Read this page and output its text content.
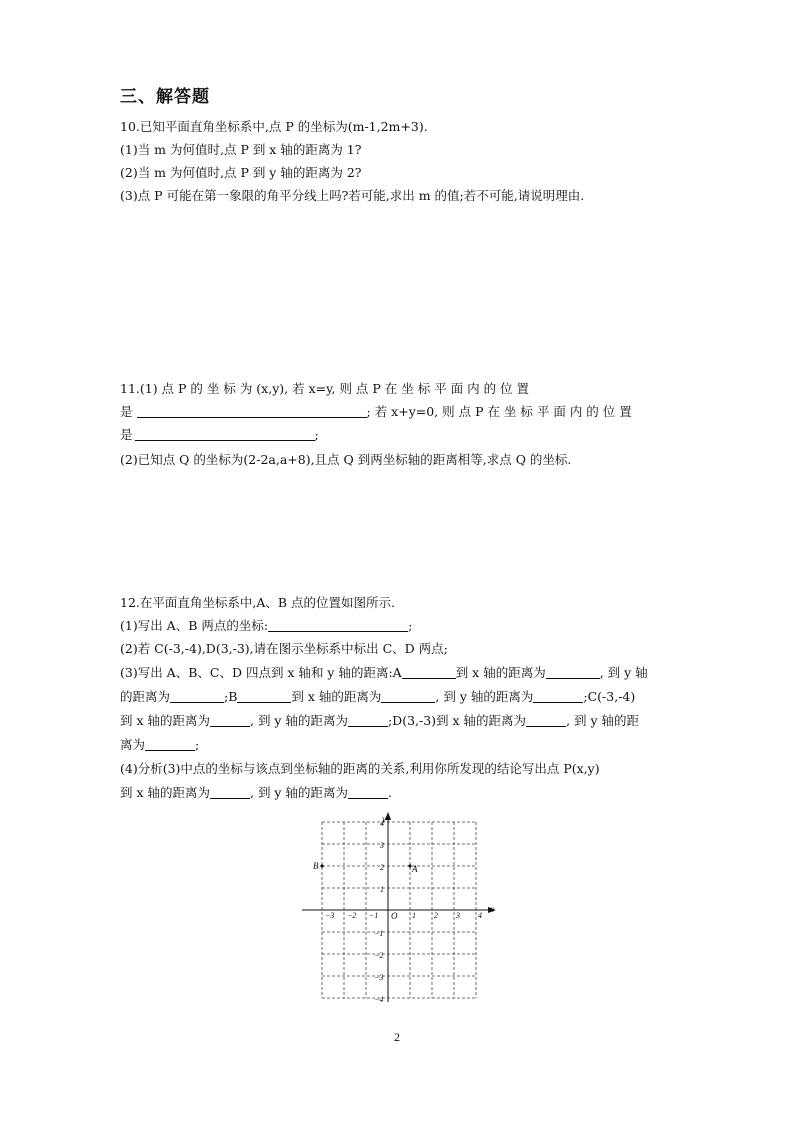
三、解答题
10.已知平面直角坐标系中,点 P 的坐标为(m-1,2m+3).
(1)当 m 为何值时,点 P 到 x 轴的距离为 1?
(2)当 m 为何值时,点 P 到 y 轴的距离为 2?
(3)点 P 可能在第一象限的角平分线上吗?若可能,求出 m 的值;若不可能,请说明理由.
11.(1) 点 P 的 坐 标 为 (x,y), 若 x=y, 则 点 P 在 坐 标 平 面 内 的 位 置
是	; 若 x+y=0, 则 点 P 在 坐 标 平 面 内 的 位 置
是	;
(2)已知点 Q 的坐标为(2-2a,a+8),且点 Q 到两坐标轴的距离相等,求点 Q 的坐标.
12.在平面直角坐标系中,A、B 点的位置如图所示.
(1)写出 A、B 两点的坐标:	;
(2)若 C(-3,-4),D(3,-3),请在图示坐标系中标出 C、D 两点;
(3)写出 A、B、C、D 四点到 x 轴和 y 轴的距离:A	到 x 轴的距离为	, 到 y 轴
的距离为	;B	到 x 轴的距离为	, 到 y 轴的距离为	;C(-3,-4)
到 x 轴的距离为	, 到 y 轴的距离为	;D(3,-3)到 x 轴的距离为	, 到 y 轴的距
离为	;
(4)分析(3)中点的坐标与该点到坐标轴的距离的关系,利用你所发现的结论写出点 P(x,y)
到 x 轴的距离为	, 到 y 轴的距离为	.
x
y
O
−3 −2 −1	1 2 3 4
4
3
2
1
−1
−2
−3
−4
A
B
2
